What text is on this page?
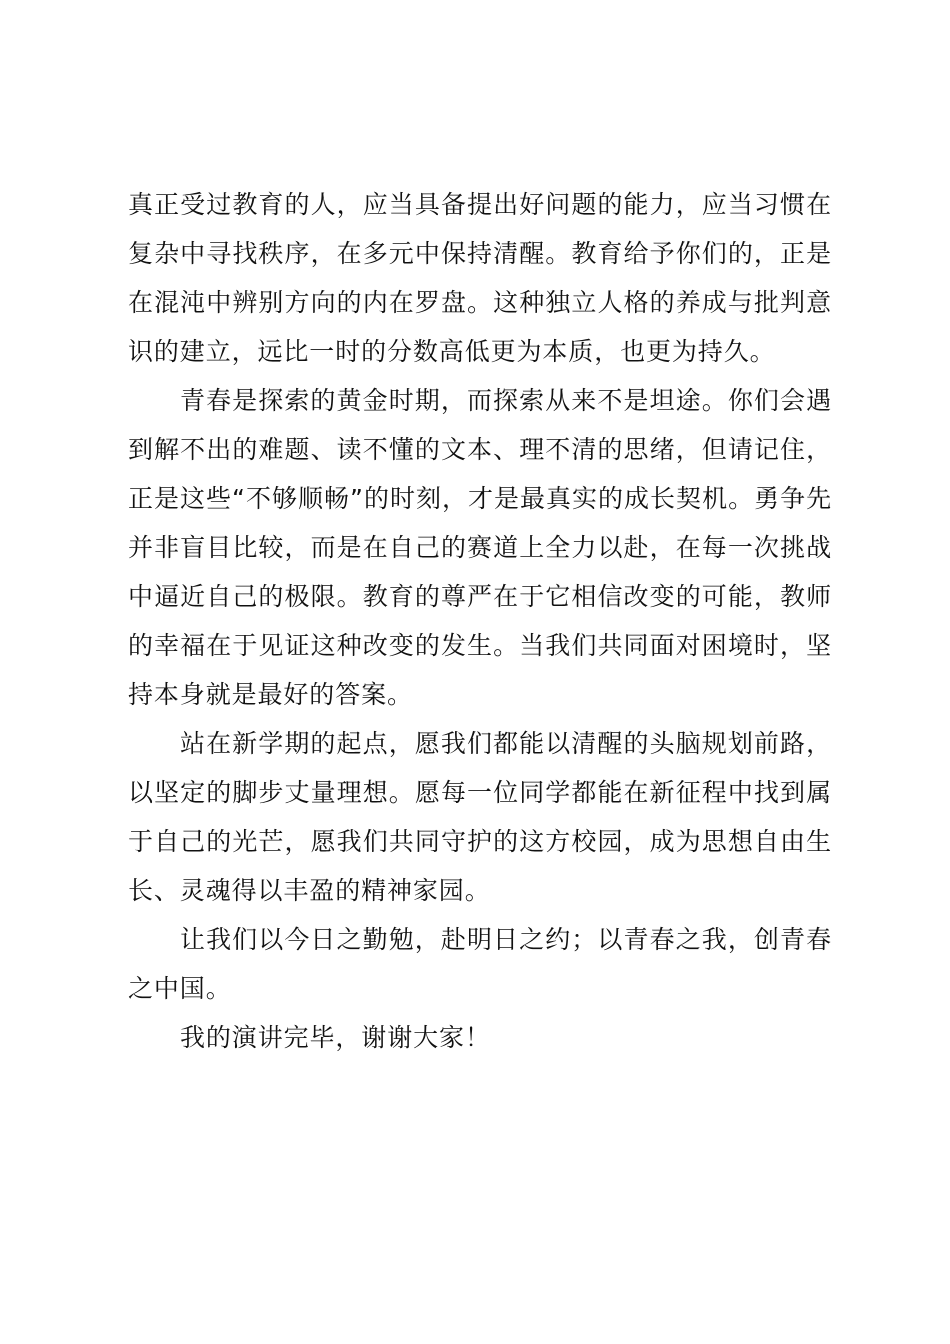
真正受过教育的人，应当具备提出好问题的能力，应当习惯在复杂中寻找秩序，在多元中保持清醒。教育给予你们的，正是在混沌中辨别方向的内在罗盘。这种独立人格的养成与批判意识的建立，远比一时的分数高低更为本质，也更为持久。

青春是探索的黄金时期，而探索从来不是坦途。你们会遇到解不出的难题、读不懂的文本、理不清的思绪，但请记住，正是这些“不够顺畅”的时刻，才是最真实的成长契机。勇争先并非盲目比较，而是在自己的赛道上全力以赴，在每一次挑战中逼近自己的极限。教育的尊严在于它相信改变的可能，教师的幸福在于见证这种改变的发生。当我们共同面对困境时，坚持本身就是最好的答案。

站在新学期的起点，愿我们都能以清醒的头脑规划前路，以坚定的脚步丈量理想。愿每一位同学都能在新征程中找到属于自己的光芒，愿我们共同守护的这方校园，成为思想自由生长、灵魂得以丰盈的精神家园。

让我们以今日之勤勉，赴明日之约；以青春之我，创青春之中国。

我的演讲完毕，谢谢大家！
